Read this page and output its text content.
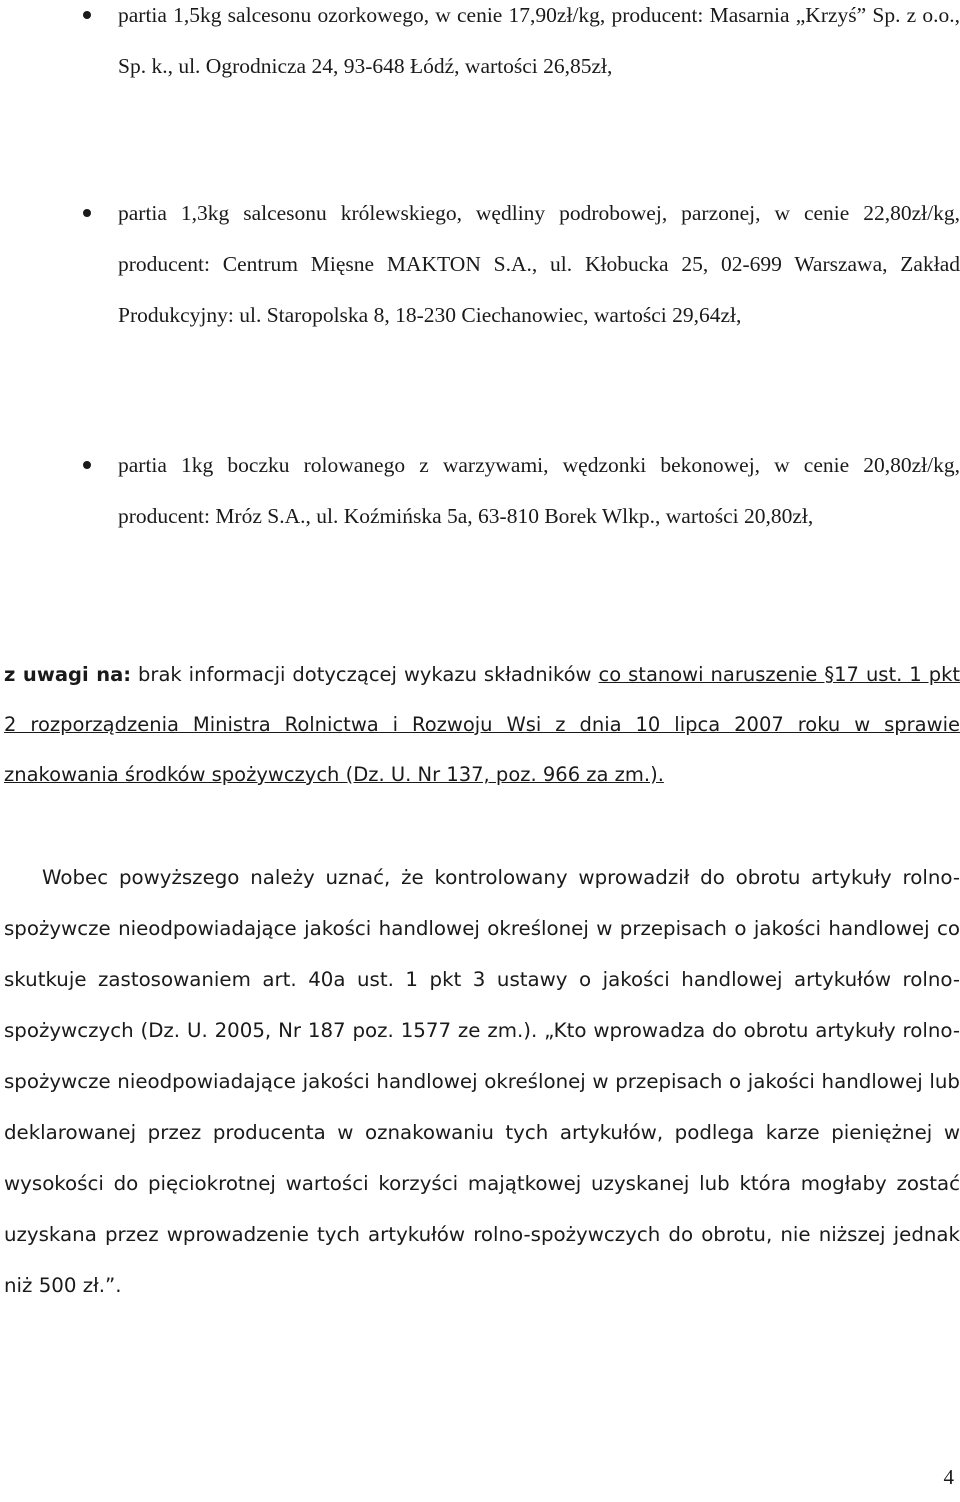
partia 1,5kg salcesonu ozorkowego, w cenie 17,90zł/kg, producent: Masarnia „Krzyś” Sp. z o.o., Sp. k., ul. Ogrodnicza 24, 93-648 Łódź, wartości 26,85zł,

partia 1,3kg salcesonu królewskiego, wędliny podrobowej, parzonej, w cenie 22,80zł/kg, producent: Centrum Mięsne MAKTON S.A., ul. Kłobucka 25, 02-699 Warszawa, Zakład Produkcyjny: ul. Staropolska 8, 18-230 Ciechanowiec, wartości 29,64zł,

partia 1kg boczku rolowanego z warzywami, wędzonki bekonowej, w cenie 20,80zł/kg, producent: Mróz S.A., ul. Koźmińska 5a, 63-810 Borek Wlkp., wartości 20,80zł,

z uwagi na: brak informacji dotyczącej wykazu składników co stanowi naruszenie §17 ust. 1 pkt 2 rozporządzenia Ministra Rolnictwa i Rozwoju Wsi z dnia 10 lipca 2007 roku w sprawie znakowania środków spożywczych (Dz. U. Nr 137, poz. 966 za zm.).

Wobec powyższego należy uznać, że kontrolowany wprowadził do obrotu artykuły rolno-spożywcze nieodpowiadające jakości handlowej określonej w przepisach o jakości handlowej co skutkuje zastosowaniem art. 40a ust. 1 pkt 3 ustawy o jakości handlowej artykułów rolno-spożywczych (Dz. U. 2005, Nr 187 poz. 1577 ze zm.). „Kto wprowadza do obrotu artykuły rolno-spożywcze nieodpowiadające jakości handlowej określonej w przepisach o jakości handlowej lub deklarowanej przez producenta w oznakowaniu tych artykułów, podlega karze pieniężnej w wysokości do pięciokrotnej wartości korzyści majątkowej uzyskanej lub która mogłaby zostać uzyskana przez wprowadzenie tych artykułów rolno-spożywczych do obrotu, nie niższej jednak niż 500 zł.”.

4
